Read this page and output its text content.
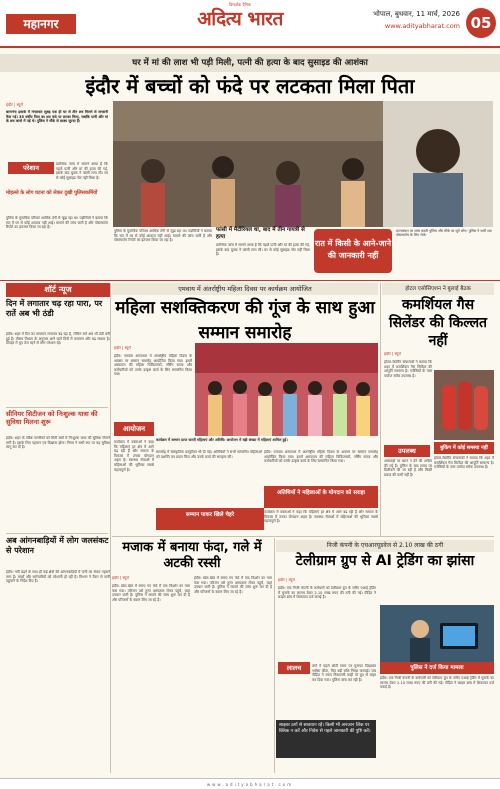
महानगर
दिग्दर्शक दैनिक
अदित्य भारत	भोपाल, बुधवार, 11 मार्च, 2026
www.adityabharat.com 05
घर में मां की लाश भी पड़ी मिली, पत्नी की हत्या के बाद सुसाइड की आशंका
इंदौर में बच्चों को फंदे पर लटकता मिला पिता
इंदौर | ब्यूरो
बाणगंगा इलाके में मंगलवार सुबह एक ही घर से तीन शव मिलने से सनसनी फैल गई। 35 वर्षीय पिता का शव फंदे पर लटका मिला, जबकि पत्नी और मां के शव कमरे में पड़े थे। पुलिस ने मौके से साक्ष्य जुटाए हैं।
परेशान	प्रारंभिक जांच में सामने आया है कि पहले पत्नी और मां की हत्या की गई, इसके बाद युवक ने फांसी लगा ली। घर से कोई सुसाइड नोट नहीं मिला है।
मोहल्ले के लोग घटना को लेकर दुखी पुलिसकर्मियों
पुलिस के मुताबिक परिवार आर्थिक तंगी से जूझ रहा था। पड़ोसियों ने बताया कि रात में घर से कोई आवाज नहीं आई। मामले की जांच जारी है और पोस्टमार्टम रिपोर्ट का इंतजार किया जा रहा है।	फांसी में मैटीरियल था, बाद में तीन गायत्री से हत्या
पुलिस के मुताबिक परिवार आर्थिक तंगी से जूझ रहा था। पड़ोसियों ने बताया कि रात में घर से कोई आवाज नहीं आई। मामले की जांच जारी है और पोस्टमार्टम रिपोर्ट का इंतजार किया जा रहा है।
प्रारंभिक जांच में सामने आया है कि पहले पत्नी और मां की हत्या की गई, इसके बाद युवक ने फांसी लगा ली। घर से कोई सुसाइड नोट नहीं मिला है।
रात में किसी के आने-जाने की जानकारी नहीं
घटनास्थल पर जांच करती पुलिस और मौके पर जुटे लोग। पुलिस ने सभी शव पोस्टमार्टम के लिए भेजे।
शॉर्ट न्यूज
दिन में लगातार चढ़ रहा पारा, पर रातें अब भी ठंडी
इंदौर। शहर में दिन का तापमान लगातार बढ़ रहा है, लेकिन रातें अब भी ठंडी बनी हुई हैं। मौसम विभाग के अनुसार आने वाले दिनों में तापमान और बढ़ सकता है। दोपहर में धूप तेज रहने से लोग परेशान रहे।
सीनियर सिटीजन को निःशुल्क यात्रा की सुविधा मिलना शुरू
इंदौर। शहर के वरिष्ठ नागरिकों को सिटी बसों में निःशुल्क यात्रा की सुविधा मिलने लगी है। इसके लिए पहचान पत्र दिखाना होगा। निगम ने सभी रूट पर यह सुविधा लागू कर दी है।
अब आंगनबाड़ियों में लोग जलसंकट से परेशान
इंदौर। गर्मी बढ़ने के साथ ही कई क्षेत्रों की आंगनबाड़ियों में पानी का संकट गहराने लगा है। बच्चों और कर्मचारियों को परेशानी हो रही है। विभाग ने टैंकर से पानी पहुंचाने के निर्देश दिए हैं।
एमवाय में अंतर्राष्ट्रीय महिला दिवस पर कार्यक्रम आयोजित
महिला सशक्तिकरण की गूंज के साथ हुआ सम्मान समारोह
इंदौर | ब्यूरो
इंदौर। एमवाय अस्पताल में अंतर्राष्ट्रीय महिला दिवस के अवसर पर सम्मान समारोह आयोजित किया गया। इसमें अस्पताल की महिला चिकित्सकों, नर्सिंग स्टाफ और कर्मचारियों को उनके उत्कृष्ट कार्य के लिए सम्मानित किया गया।
आयोजन
कार्यक्रम में सम्मान प्राप्त करती महिलाएं और अतिथि। आयोजन में बड़ी संख्या में महिलाएं शामिल हुईं।
कार्यक्रम में वक्ताओं ने कहा कि महिलाएं हर क्षेत्र में आगे बढ़ रही हैं और समाज के विकास में उनका योगदान अहम है। स्वास्थ्य सेवाओं में महिलाओं की भूमिका सबसे महत्वपूर्ण है।
समारोह में सांस्कृतिक प्रस्तुतियां भी दी गईं। अतिथियों ने सभी सम्मानित महिलाओं को प्रशस्ति पत्र प्रदान किए और उनके कार्य की सराहना की।
इंदौर। एमवाय अस्पताल में अंतर्राष्ट्रीय महिला दिवस के अवसर पर सम्मान समारोह आयोजित किया गया। इसमें अस्पताल की महिला चिकित्सकों, नर्सिंग स्टाफ और कर्मचारियों को उनके उत्कृष्ट कार्य के लिए सम्मानित किया गया।
अतिथियों ने महिलाओं के योगदान को सराहा
सम्मान पाकर खिले चेहरे	कार्यक्रम में वक्ताओं ने कहा कि महिलाएं हर क्षेत्र में आगे बढ़ रही हैं और समाज के विकास में उनका योगदान अहम है। स्वास्थ्य सेवाओं में महिलाओं की भूमिका सबसे महत्वपूर्ण है।
होटल एसोसिएशन ने बुलाई बैठक
कमर्शियल गैस सिलेंडर की किल्लत नहीं
इंदौर | ब्यूरो
होटल-रेस्टोरेंट संचालकों ने बताया कि शहर में कमर्शियल गैस सिलेंडर की आपूर्ति सामान्य है। एजेंसियों के पास पर्याप्त स्टॉक उपलब्ध है।
बुकिंग में कोई समस्या नहीं
उपलब्ध
अफवाहों पर ध्यान न देने की अपील की गई है। बुकिंग के बाद समय पर डिलीवरी की जा रही है और किसी प्रकार की कमी नहीं है।
होटल-रेस्टोरेंट संचालकों ने बताया कि शहर में कमर्शियल गैस सिलेंडर की आपूर्ति सामान्य है। एजेंसियों के पास पर्याप्त स्टॉक उपलब्ध है।
मजाक में बनाया फंदा, गले में अटकी रस्सी
इंदौर | ब्यूरो
इंदौर। खेल-खेल में बनाए गए फंदे में एक किशोर का गला फंस गया। परिजन उसे तुरंत अस्पताल लेकर पहुंचे, जहां उपचार जारी है। पुलिस ने मामले की जांच शुरू कर दी है और परिजनों के बयान लिए जा रहे हैं।
इंदौर। खेल-खेल में बनाए गए फंदे में एक किशोर का गला फंस गया। परिजन उसे तुरंत अस्पताल लेकर पहुंचे, जहां उपचार जारी है। पुलिस ने मामले की जांच शुरू कर दी है और परिजनों के बयान लिए जा रहे हैं।
निजी कंपनी के एचआरयूडवेज से 2.10 लाख की ठगी
टेलीग्राम ग्रुप से AI ट्रेडिंग का झांसा
इंदौर | ब्यूरो
इंदौर। एक निजी कंपनी के कर्मचारी को टेलीग्राम ग्रुप के जरिए एआई ट्रेडिंग में मुनाफे का लालच देकर 2.10 लाख रुपए की ठगी की गई। पीड़ित ने क्राइम ब्रांच में शिकायत दर्ज कराई है।
पुलिस ने दर्ज किया मामला
लालच	ठगों ने पहले छोटी रकम पर मुनाफा दिखाकर भरोसा जीता, फिर बड़ी राशि निवेश करवाई। जब पीड़ित ने रकम निकालनी चाही तो ग्रुप से बाहर कर दिया गया। पुलिस जांच कर रही है।
साइबर ठगों से सावधान रहें। किसी भी अनजान लिंक पर क्लिक न करें और निवेश से पहले जानकारी की पुष्टि करें।
इंदौर। एक निजी कंपनी के कर्मचारी को टेलीग्राम ग्रुप के जरिए एआई ट्रेडिंग में मुनाफे का लालच देकर 2.10 लाख रुपए की ठगी की गई। पीड़ित ने क्राइम ब्रांच में शिकायत दर्ज कराई है।
www.adityabharat.com
